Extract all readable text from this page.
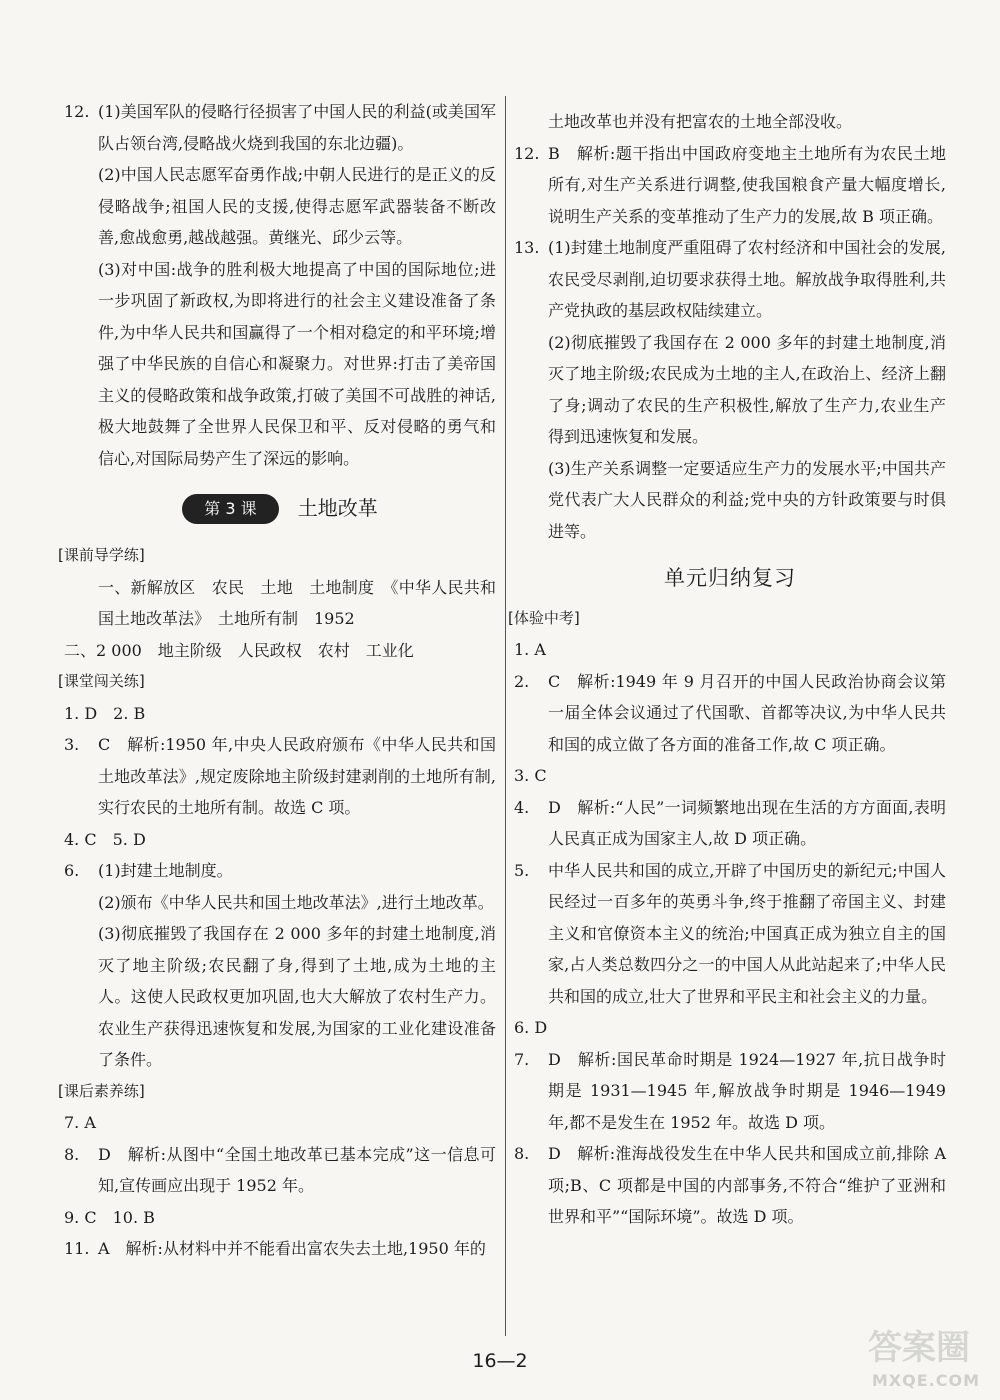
12. (1)美国军队的侵略行径损害了中国人民的利益(或美国军队占领台湾,侵略战火烧到我国的东北边疆)。
(2)中国人民志愿军奋勇作战;中朝人民进行的是正义的反侵略战争;祖国人民的支援,使得志愿军武器装备不断改善,愈战愈勇,越战越强。黄继光、邱少云等。
(3)对中国:战争的胜利极大地提高了中国的国际地位;进一步巩固了新政权,为即将进行的社会主义建设准备了条件,为中华人民共和国赢得了一个相对稳定的和平环境;增强了中华民族的自信心和凝聚力。对世界:打击了美帝国主义的侵略政策和战争政策,打破了美国不可战胜的神话,极大地鼓舞了全世界人民保卫和平、反对侵略的勇气和信心,对国际局势产生了深远的影响。
第 3 课 土地改革
[课前导学练]
一、新解放区　农民　土地　土地制度　《中华人民共和国土地改革法》　土地所有制　1952
二、2 000　地主阶级　人民政权　农村　工业化
[课堂闯关练]
1. D　2. B
3. C　解析:1950 年,中央人民政府颁布《中华人民共和国土地改革法》,规定废除地主阶级封建剥削的土地所有制,实行农民的土地所有制。故选 C 项。
4. C　5. D
6. (1)封建土地制度。
(2)颁布《中华人民共和国土地改革法》,进行土地改革。
(3)彻底摧毁了我国存在 2 000 多年的封建土地制度,消灭了地主阶级;农民翻了身,得到了土地,成为土地的主人。这使人民政权更加巩固,也大大解放了农村生产力。农业生产获得迅速恢复和发展,为国家的工业化建设准备了条件。
[课后素养练]
7. A
8. D　解析:从图中“全国土地改革已基本完成”这一信息可知,宣传画应出现于 1952 年。
9. C　10. B
11. A　解析:从材料中并不能看出富农失去土地,1950 年的
土地改革也并没有把富农的土地全部没收。
12. B　解析:题干指出中国政府变地主土地所有为农民土地所有,对生产关系进行调整,使我国粮食产量大幅度增长,说明生产关系的变革推动了生产力的发展,故 B 项正确。
13. (1)封建土地制度严重阻碍了农村经济和中国社会的发展,农民受尽剥削,迫切要求获得土地。解放战争取得胜利,共产党执政的基层政权陆续建立。
(2)彻底摧毁了我国存在 2 000 多年的封建土地制度,消灭了地主阶级;农民成为土地的主人,在政治上、经济上翻了身;调动了农民的生产积极性,解放了生产力,农业生产得到迅速恢复和发展。
(3)生产关系调整一定要适应生产力的发展水平;中国共产党代表广大人民群众的利益;党中央的方针政策要与时俱进等。
单元归纳复习
[体验中考]
1. A
2. C　解析:1949 年 9 月召开的中国人民政治协商会议第一届全体会议通过了代国歌、首都等决议,为中华人民共和国的成立做了各方面的准备工作,故 C 项正确。
3. C
4. D　解析:“人民”一词频繁地出现在生活的方方面面,表明人民真正成为国家主人,故 D 项正确。
5. 中华人民共和国的成立,开辟了中国历史的新纪元;中国人民经过一百多年的英勇斗争,终于推翻了帝国主义、封建主义和官僚资本主义的统治;中国真正成为独立自主的国家,占人类总数四分之一的中国人从此站起来了;中华人民共和国的成立,壮大了世界和平民主和社会主义的力量。
6. D
7. D　解析:国民革命时期是 1924—1927 年,抗日战争时期是 1931—1945 年,解放战争时期是 1946—1949 年,都不是发生在 1952 年。故选 D 项。
8. D　解析:淮海战役发生在中华人民共和国成立前,排除 A 项;B、C 项都是中国的内部事务,不符合“维护了亚洲和世界和平”“国际环境”。故选 D 项。
16—2	答案圈
MXQE.COM
